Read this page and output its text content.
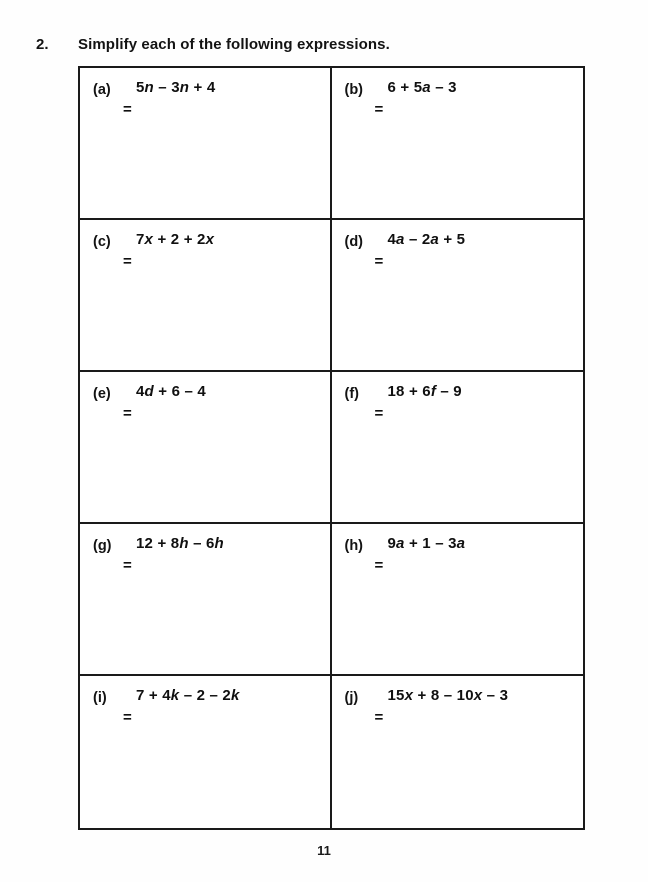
2. Simplify each of the following expressions.
(a) 5n – 3n + 4
=
(b) 6 + 5a – 3
=
(c) 7x + 2 + 2x
=
(d) 4a – 2a + 5
=
(e) 4d + 6 – 4
=
(f) 18 + 6f – 9
=
(g) 12 + 8h – 6h
=
(h) 9a + 1 – 3a
=
(i) 7 + 4k – 2 – 2k
=
(j) 15x + 8 – 10x – 3
=
11
